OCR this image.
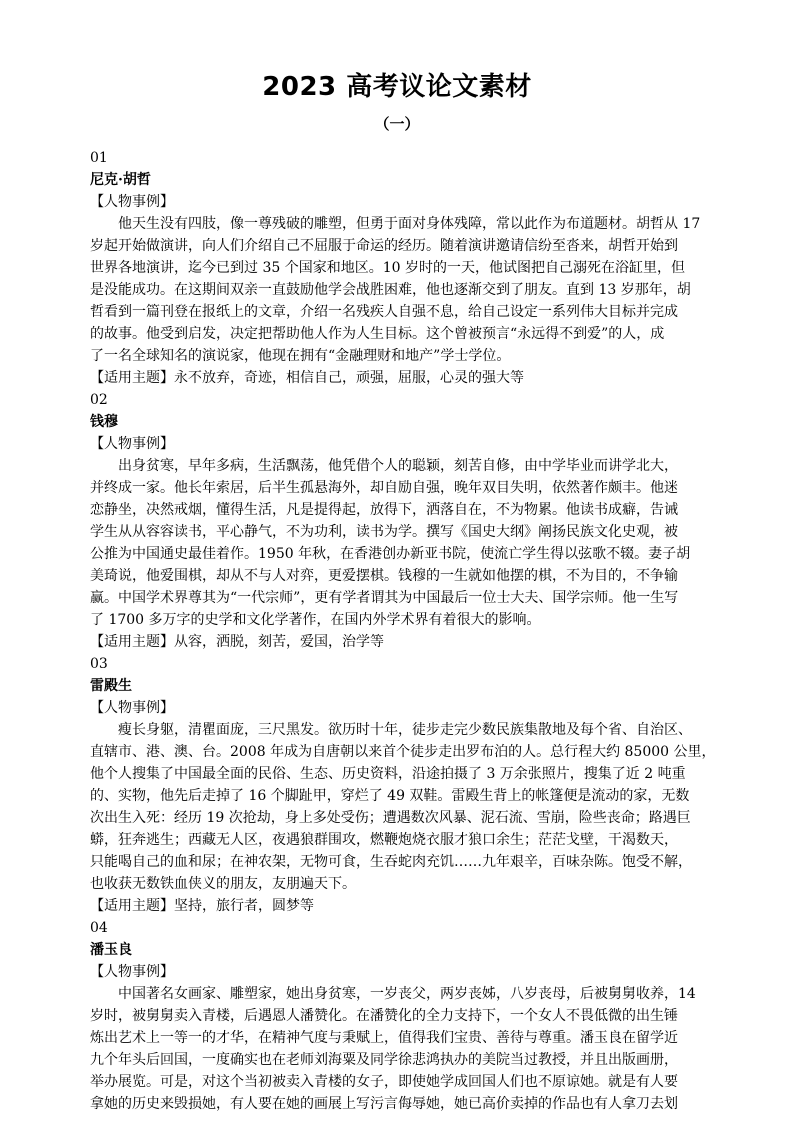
2023 高考议论文素材
（一）

01

尼克·胡哲

【人物事例】

他天生没有四肢，像一尊残破的雕塑，但勇于面对身体残障，常以此作为布道题材。胡哲从 17

岁起开始做演讲，向人们介绍自己不屈服于命运的经历。随着演讲邀请信纷至沓来，胡哲开始到

世界各地演讲，迄今已到过 35 个国家和地区。10 岁时的一天，他试图把自己溺死在浴缸里，但

是没能成功。在这期间双亲一直鼓励他学会战胜困难，他也逐渐交到了朋友。直到 13 岁那年，胡

哲看到一篇刊登在报纸上的文章，介绍一名残疾人自强不息，给自己设定一系列伟大目标并完成

的故事。他受到启发，决定把帮助他人作为人生目标。这个曾被预言“永远得不到爱”的人，成

了一名全球知名的演说家，他现在拥有“金融理财和地产”学士学位。

【适用主题】永不放弃，奇迹，相信自己，顽强，屈服，心灵的强大等

02

钱穆

【人物事例】

出身贫寒，早年多病，生活飘荡，他凭借个人的聪颖，刻苦自修，由中学毕业而讲学北大，

并终成一家。他长年索居，后半生孤悬海外，却自励自强，晚年双目失明，依然著作颇丰。他迷

恋静坐，决然戒烟，懂得生活，凡是提得起，放得下，洒落自在，不为物累。他读书成癖，告诫

学生从从容容读书，平心静气，不为功利，读书为学。撰写《国史大纲》阐扬民族文化史观，被

公推为中国通史最佳着作。1950 年秋，在香港创办新亚书院，使流亡学生得以弦歌不辍。妻子胡

美琦说，他爱围棋，却从不与人对弈，更爱摆棋。钱穆的一生就如他摆的棋，不为目的，不争输

赢。中国学术界尊其为“一代宗师”，更有学者谓其为中国最后一位士大夫、国学宗师。他一生写

了 1700 多万字的史学和文化学著作，在国内外学术界有着很大的影响。

【适用主题】从容，洒脱，刻苦，爱国，治学等

03

雷殿生

【人物事例】

瘦长身躯，清瞿面庞，三尺黑发。欲历时十年，徒步走完少数民族集散地及每个省、自治区、

直辖市、港、澳、台。2008 年成为自唐朝以来首个徒步走出罗布泊的人。总行程大约 85000 公里，

他个人搜集了中国最全面的民俗、生态、历史资料，沿途拍摄了 3 万余张照片，搜集了近 2 吨重

的、实物，他先后走掉了 16 个脚趾甲，穿烂了 49 双鞋。雷殿生背上的帐篷便是流动的家，无数

次出生入死：经历 19 次抢劫，身上多处受伤；遭遇数次风暴、泥石流、雪崩，险些丧命；路遇巨

蟒，狂奔逃生；西藏无人区，夜遇狼群围攻，燃鞭炮烧衣服才狼口余生；茫茫戈壁，干渴数天，

只能喝自己的血和尿；在神农架，无物可食，生吞蛇肉充饥……九年艰辛，百味杂陈。饱受不解，

也收获无数铁血侠义的朋友，友朋遍天下。

【适用主题】坚持，旅行者，圆梦等

04

潘玉良

【人物事例】

中国著名女画家、雕塑家，她出身贫寒，一岁丧父，两岁丧姊，八岁丧母，后被舅舅收养，14

岁时，被舅舅卖入青楼，后遇恩人潘赞化。在潘赞化的全力支持下，一个女人不畏低微的出生锤

炼出艺术上一等一的才华，在精神气度与秉赋上，值得我们宝贵、善待与尊重。潘玉良在留学近

九个年头后回国，一度确实也在老师刘海粟及同学徐悲鸿执办的美院当过教授，并且出版画册，

举办展览。可是，对这个当初被卖入青楼的女子，即使她学成回国人们也不原谅她。就是有人要

拿她的历史来毁损她，有人要在她的画展上写污言侮辱她，她已高价卖掉的作品也有人拿刀去划
